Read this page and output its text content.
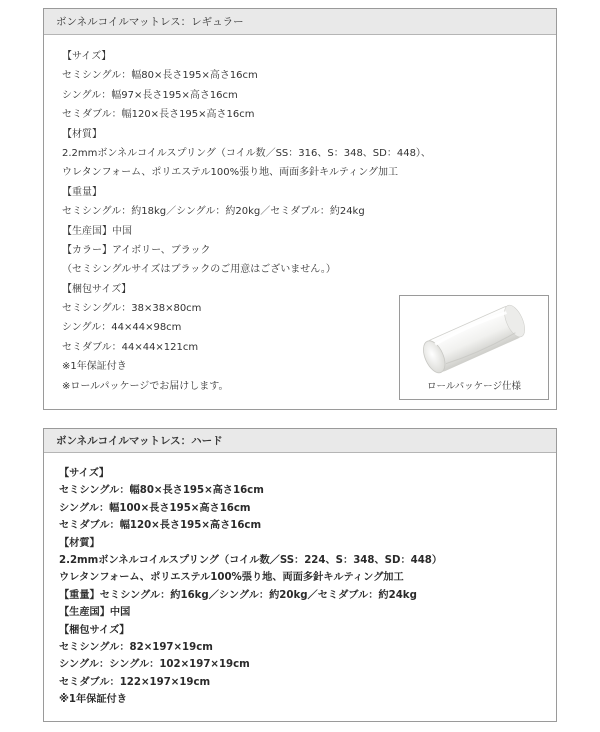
ボンネルコイルマットレス：レギュラー
【サイズ】
セミシングル：幅80×長さ195×高さ16cm
シングル：幅97×長さ195×高さ16cm
セミダブル：幅120×長さ195×高さ16cm
【材質】
2.2mmボンネルコイルスプリング（コイル数／SS：316、S：348、SD：448）、
ウレタンフォーム、ポリエステル100%張り地、両面多針キルティング加工
【重量】
セミシングル：約18kg／シングル：約20kg／セミダブル：約24kg
【生産国】中国
【カラー】アイボリー、ブラック
（セミシングルサイズはブラックのご用意はございません。）
【梱包サイズ】
セミシングル：38×38×80cm
シングル：44×44×98cm
セミダブル：44×44×121cm
※1年保証付き
※ロールパッケージでお届けします。	ロールパッケージ仕様
ボンネルコイルマットレス：ハード
【サイズ】
セミシングル：幅80×長さ195×高さ16cm
シングル：幅100×長さ195×高さ16cm
セミダブル：幅120×長さ195×高さ16cm
【材質】
2.2mmボンネルコイルスプリング（コイル数／SS：224、S：348、SD：448）
ウレタンフォーム、ポリエステル100%張り地、両面多針キルティング加工
【重量】セミシングル：約16kg／シングル：約20kg／セミダブル：約24kg
【生産国】中国
【梱包サイズ】
セミシングル：82×197×19cm
シングル：シングル：102×197×19cm
セミダブル：122×197×19cm
※1年保証付き
